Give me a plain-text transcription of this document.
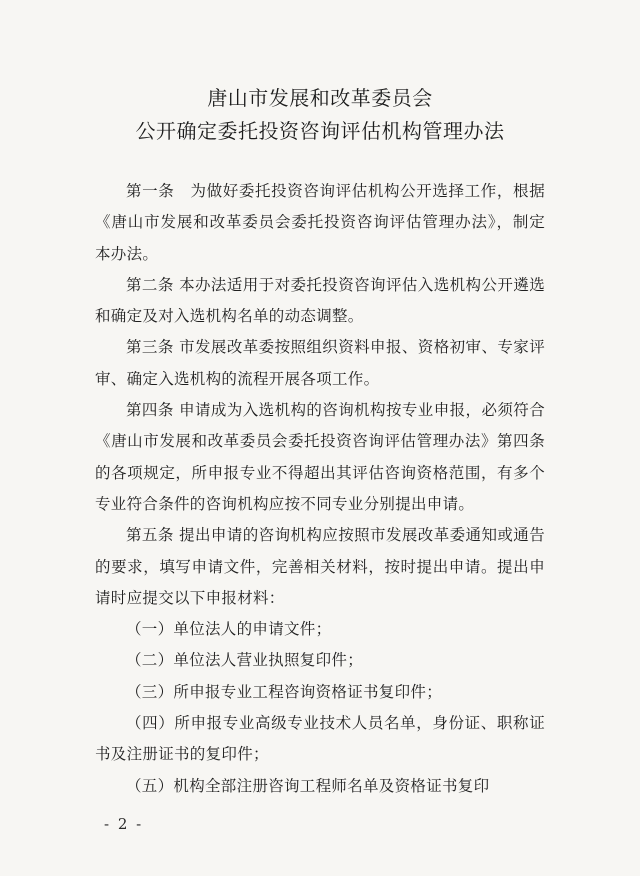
唐山市发展和改革委员会
公开确定委托投资咨询评估机构管理办法

第一条　为做好委托投资咨询评估机构公开选择工作，根据《唐山市发展和改革委员会委托投资咨询评估管理办法》，制定本办法。

第二条 本办法适用于对委托投资咨询评估入选机构公开遴选和确定及对入选机构名单的动态调整。

第三条 市发展改革委按照组织资料申报、资格初审、专家评审、确定入选机构的流程开展各项工作。

第四条 申请成为入选机构的咨询机构按专业申报，必须符合《唐山市发展和改革委员会委托投资咨询评估管理办法》第四条的各项规定，所申报专业不得超出其评估咨询资格范围，有多个专业符合条件的咨询机构应按不同专业分别提出申请。

第五条 提出申请的咨询机构应按照市发展改革委通知或通告的要求，填写申请文件，完善相关材料，按时提出申请。提出申请时应提交以下申报材料：

（一）单位法人的申请文件；

（二）单位法人营业执照复印件；

（三）所申报专业工程咨询资格证书复印件；

（四）所申报专业高级专业技术人员名单，身份证、职称证书及注册证书的复印件；

（五）机构全部注册咨询工程师名单及资格证书复印

- 2 -
